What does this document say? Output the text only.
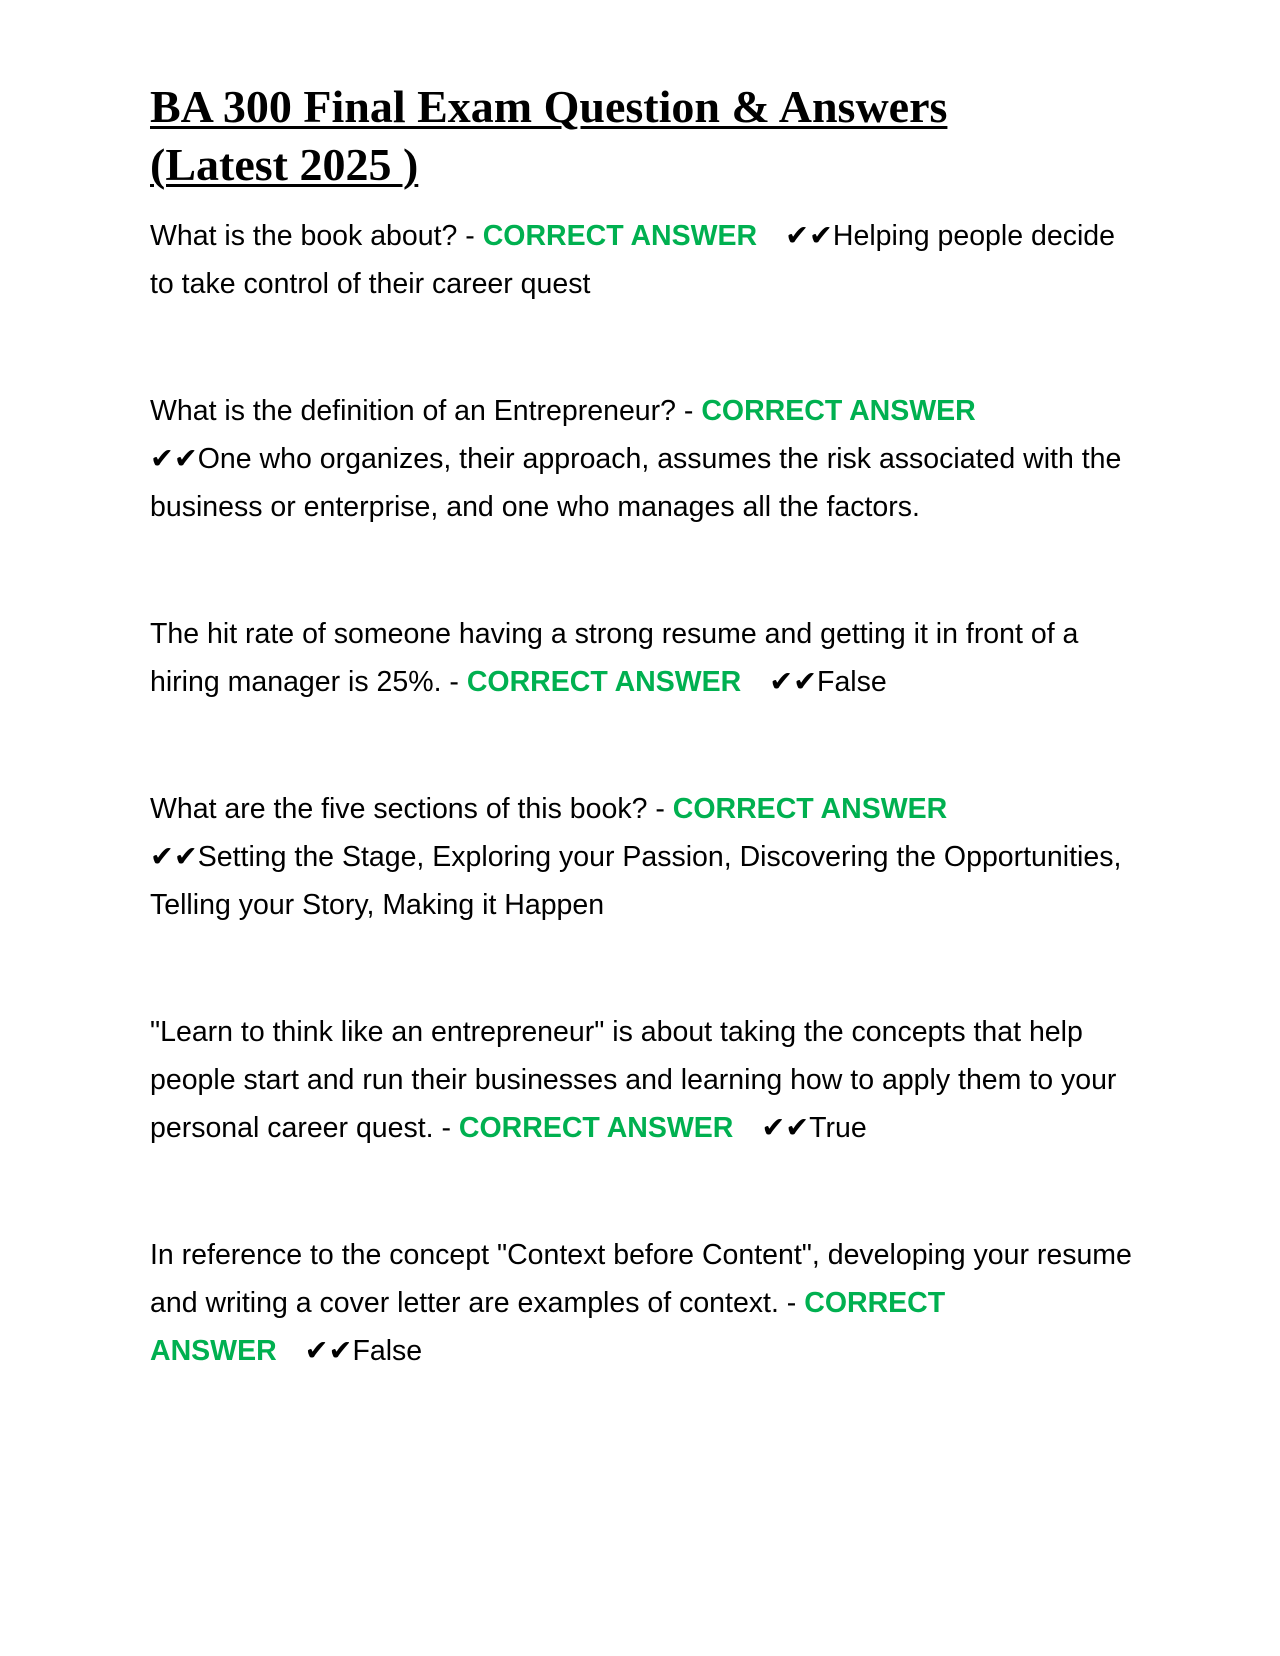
BA 300 Final Exam Question & Answers
(Latest 2025 )

What is the book about? - CORRECT ANSWER ✔✔Helping people decide to take control of their career quest

What is the definition of an Entrepreneur? - CORRECT ANSWER
✔✔One who organizes, their approach, assumes the risk associated with the business or enterprise, and one who manages all the factors.

The hit rate of someone having a strong resume and getting it in front of a hiring manager is 25%. - CORRECT ANSWER ✔✔False

What are the five sections of this book? - CORRECT ANSWER
✔✔Setting the Stage, Exploring your Passion, Discovering the Opportunities, Telling your Story, Making it Happen

"Learn to think like an entrepreneur" is about taking the concepts that help people start and run their businesses and learning how to apply them to your personal career quest. - CORRECT ANSWER ✔✔True

In reference to the concept "Context before Content", developing your resume and writing a cover letter are examples of context. - CORRECT ANSWER ✔✔False
